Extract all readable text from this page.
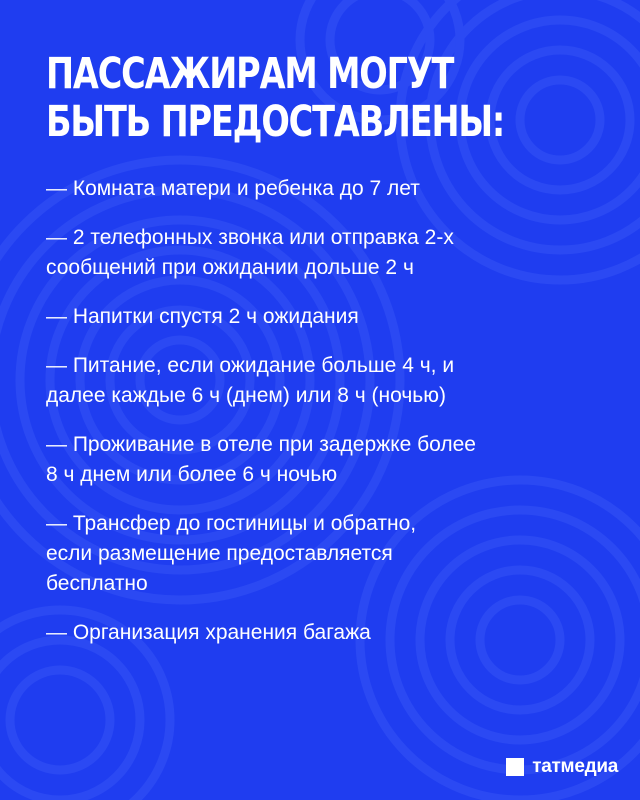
ПАССАЖИРАМ МОГУТ
БЫТЬ ПРЕДОСТАВЛЕНЫ:
— Комната матери и ребенка до 7 лет
— 2 телефонных звонка или отправка 2-х
сообщений при ожидании дольше 2 ч
— Напитки спустя 2 ч ожидания
— Питание, если ожидание больше 4 ч, и
далее каждые 6 ч (днем) или 8 ч (ночью)
— Проживание в отеле при задержке более
8 ч днем или более 6 ч ночью
— Трансфер до гостиницы и обратно,
если размещение предоставляется
бесплатно
— Организация хранения багажа
татмедиа
